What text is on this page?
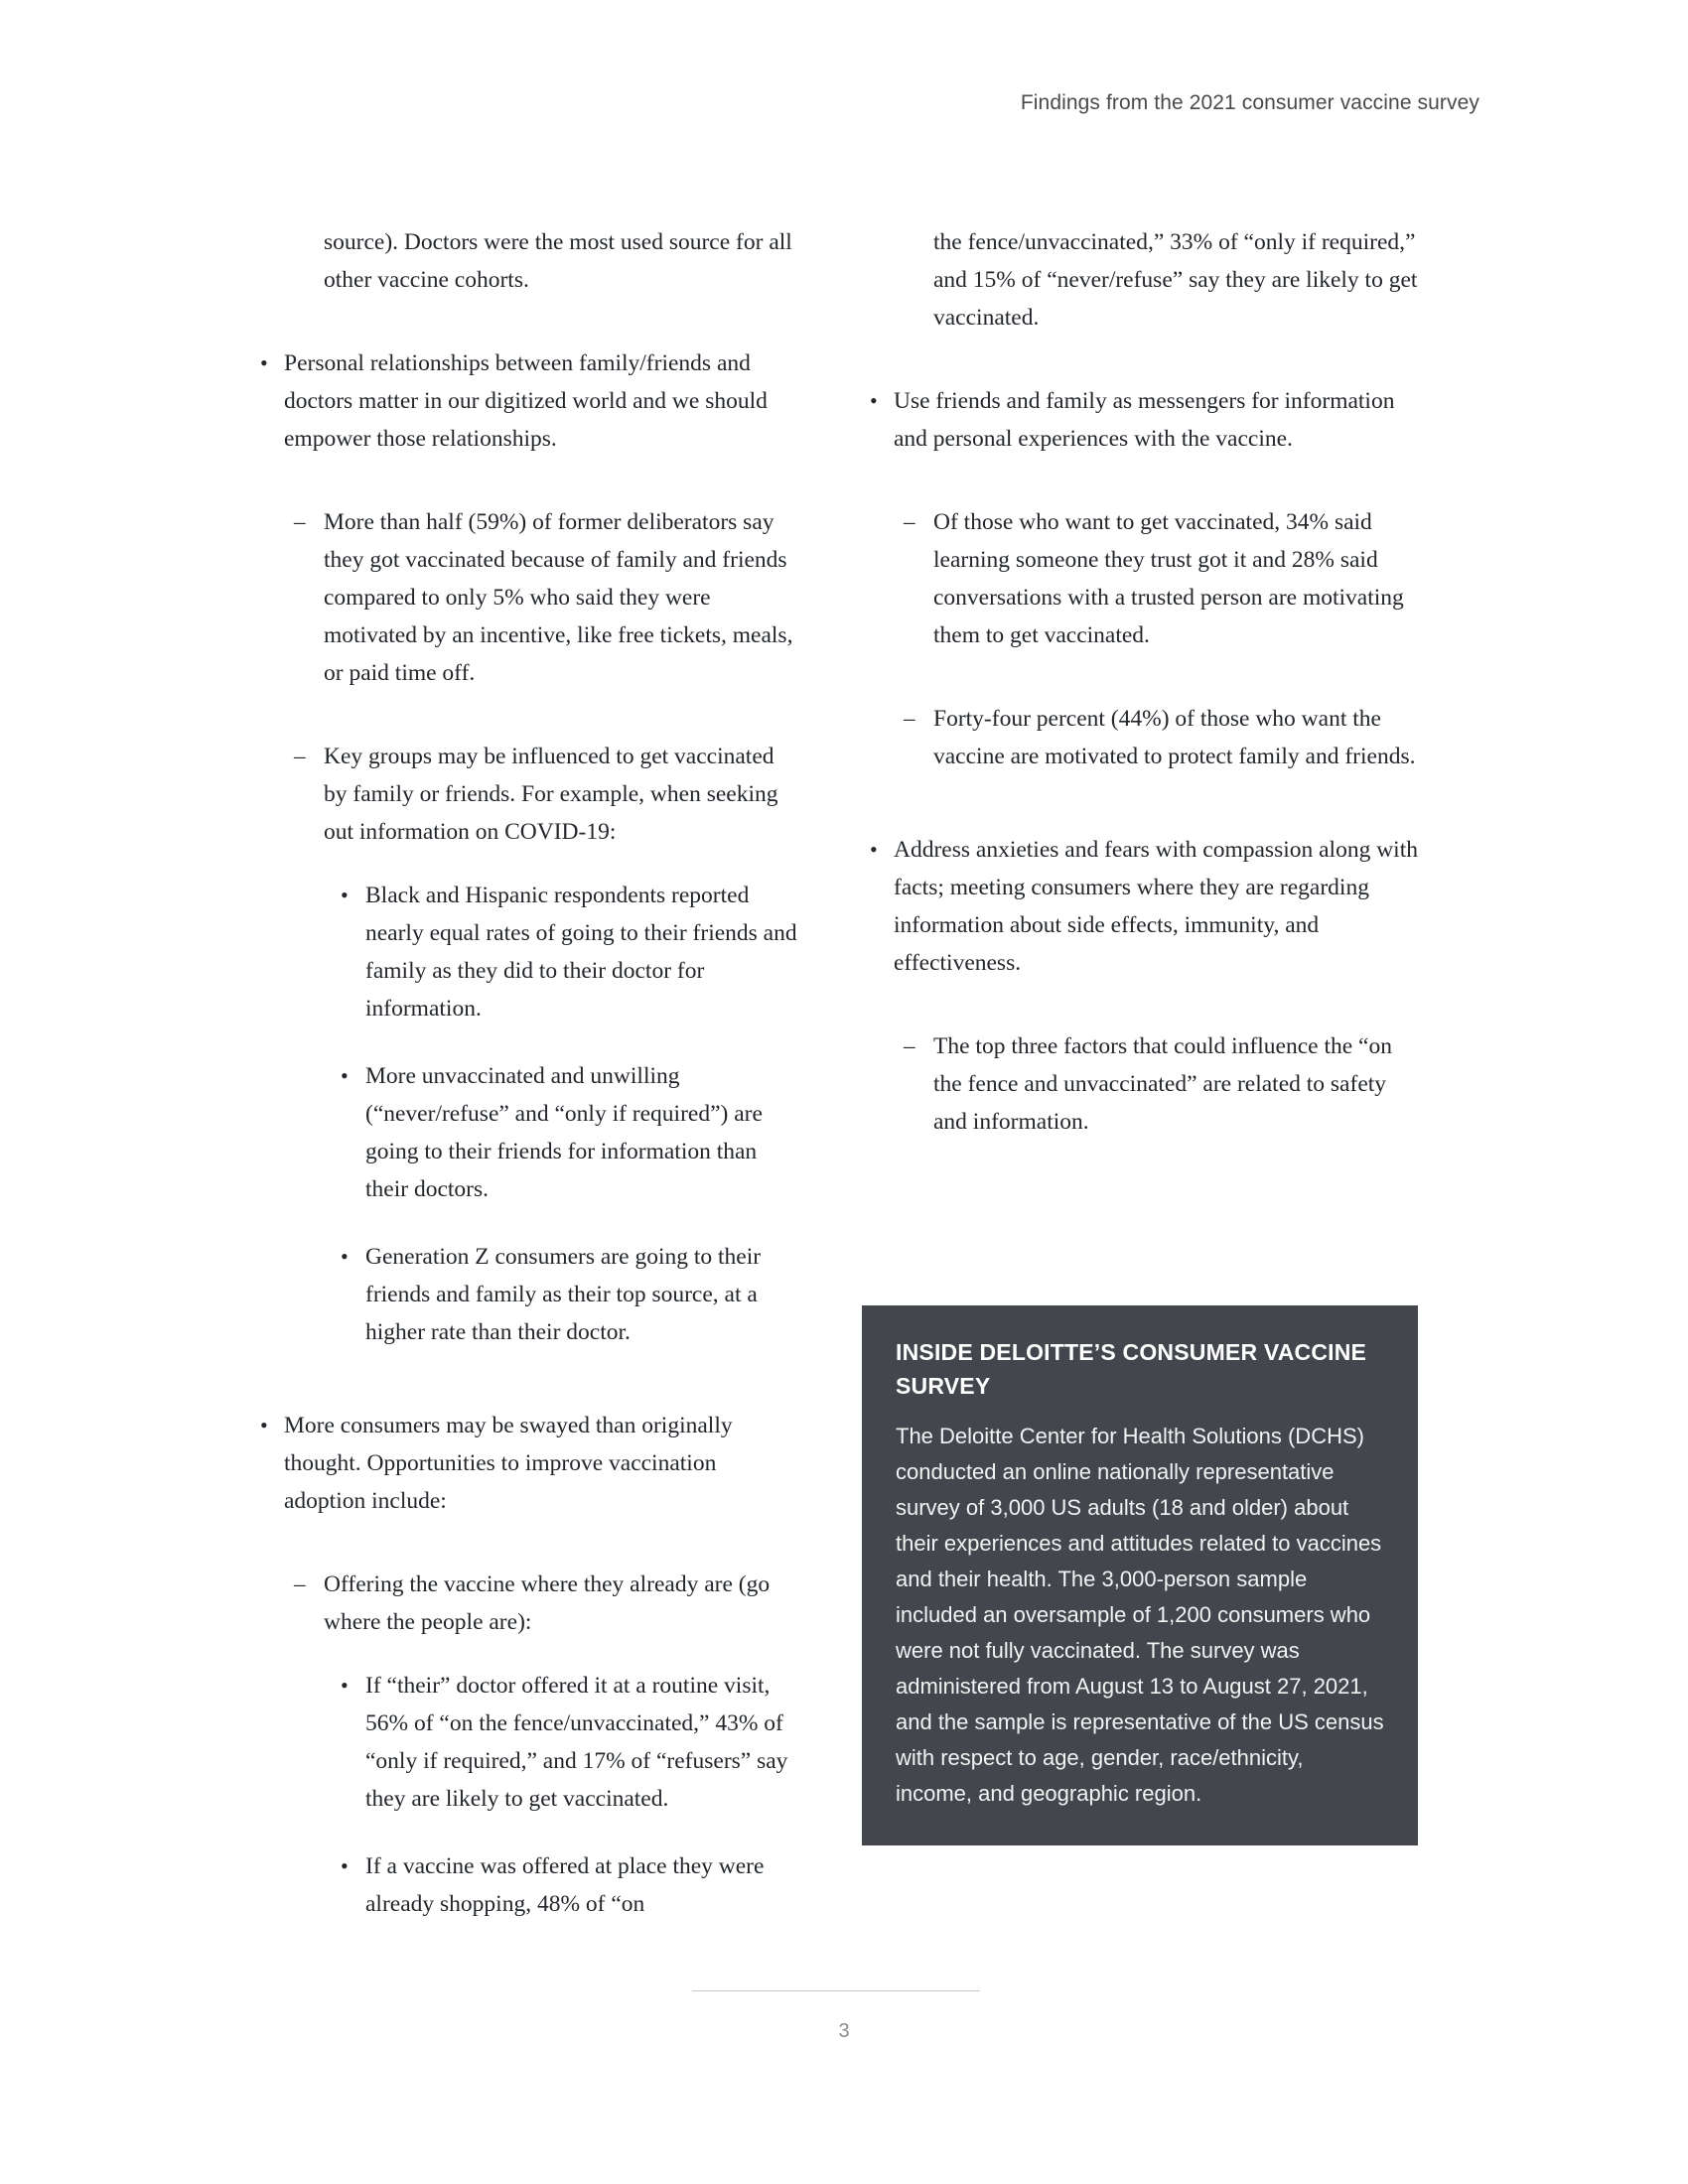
Findings from the 2021 consumer vaccine survey
source). Doctors were the most used source for all other vaccine cohorts.
• Personal relationships between family/friends and doctors matter in our digitized world and we should empower those relationships.
– More than half (59%) of former deliberators say they got vaccinated because of family and friends compared to only 5% who said they were motivated by an incentive, like free tickets, meals, or paid time off.
– Key groups may be influenced to get vaccinated by family or friends. For example, when seeking out information on COVID-19:
• Black and Hispanic respondents reported nearly equal rates of going to their friends and family as they did to their doctor for information.
• More unvaccinated and unwilling (“never/refuse” and “only if required”) are going to their friends for information than their doctors.
• Generation Z consumers are going to their friends and family as their top source, at a higher rate than their doctor.
• More consumers may be swayed than originally thought. Opportunities to improve vaccination adoption include:
– Offering the vaccine where they already are (go where the people are):
• If “their” doctor offered it at a routine visit, 56% of “on the fence/unvaccinated,” 43% of “only if required,” and 17% of “refusers” say they are likely to get vaccinated.
• If a vaccine was offered at place they were already shopping, 48% of “on
the fence/unvaccinated,” 33% of “only if required,” and 15% of “never/refuse” say they are likely to get vaccinated.
• Use friends and family as messengers for information and personal experiences with the vaccine.
– Of those who want to get vaccinated, 34% said learning someone they trust got it and 28% said conversations with a trusted person are motivating them to get vaccinated.
– Forty-four percent (44%) of those who want the vaccine are motivated to protect family and friends.
• Address anxieties and fears with compassion along with facts; meeting consumers where they are regarding information about side effects, immunity, and effectiveness.
– The top three factors that could influence the “on the fence and unvaccinated” are related to safety and information.
INSIDE DELOITTE’S CONSUMER VACCINE SURVEY
The Deloitte Center for Health Solutions (DCHS) conducted an online nationally representative survey of 3,000 US adults (18 and older) about their experiences and attitudes related to vaccines and their health. The 3,000-person sample included an oversample of 1,200 consumers who were not fully vaccinated. The survey was administered from August 13 to August 27, 2021, and the sample is representative of the US census with respect to age, gender, race/ethnicity, income, and geographic region.
3
